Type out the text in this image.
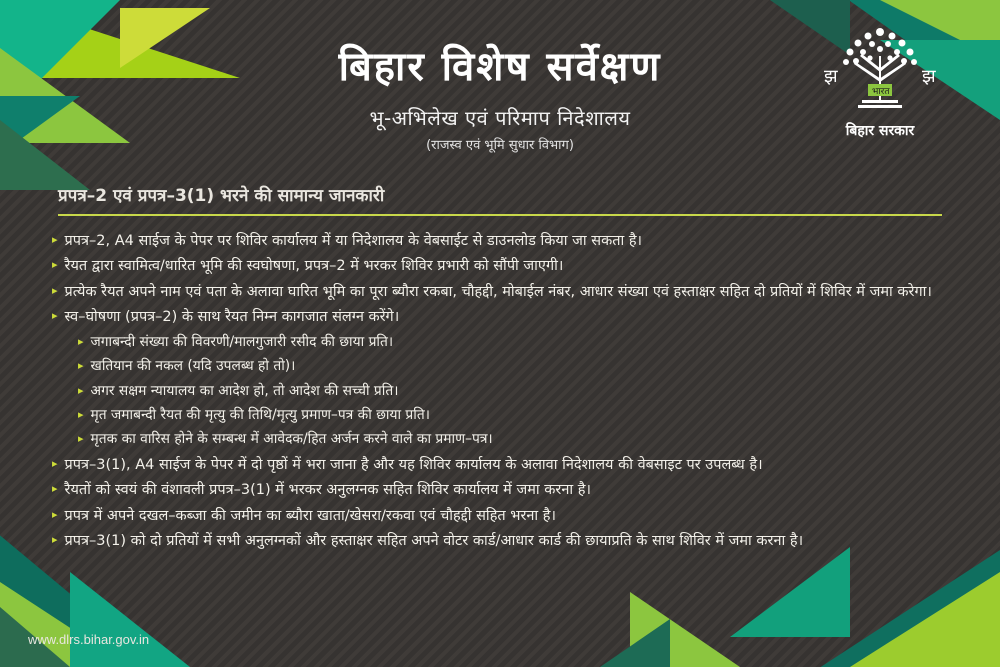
झ	झ
भारत
बिहार सरकार
बिहार विशेष सर्वेक्षण
भू-अभिलेख एवं परिमाप निदेशालय
(राजस्व एवं भूमि सुधार विभाग)
प्रपत्र–2 एवं प्रपत्र–3(1) भरने की सामान्य जानकारी
▸ प्रपत्र–2, A4 साईज के पेपर पर शिविर कार्यालय में या निदेशालय के वेबसाईट से डाउनलोड किया जा सकता है।
▸ रैयत द्वारा स्वामित्व/धारित भूमि की स्वघोषणा, प्रपत्र–2 में भरकर शिविर प्रभारी को सौंपी जाएगी।
▸ प्रत्येक रैयत अपने नाम एवं पता के अलावा घारित भूमि का पूरा ब्यौरा रकबा, चौहद्दी, मोबाईल नंबर, आधार संख्या एवं हस्ताक्षर सहित दो प्रतियों में शिविर में जमा करेगा।
▸ स्व–घोषणा (प्रपत्र–2) के साथ रैयत निम्न कागजात संलग्न करेंगे।
▸ जगाबन्दी संख्या की विवरणी/मालगुजारी रसीद की छाया प्रति।
▸ खतियान की नकल (यदि उपलब्ध हो तो)।
▸ अगर सक्षम न्यायालय का आदेश हो, तो आदेश की सच्ची प्रति।
▸ मृत जमाबन्दी रैयत की मृत्यु की तिथि/मृत्यु प्रमाण–पत्र की छाया प्रति।
▸ मृतक का वारिस होने के सम्बन्ध में आवेदक/हित अर्जन करने वाले का प्रमाण–पत्र।
▸ प्रपत्र–3(1), A4 साईज के पेपर में दो पृष्ठों में भरा जाना है और यह शिविर कार्यालय के अलावा निदेशालय की वेबसाइट पर उपलब्ध है।
▸ रैयतों को स्वयं की वंशावली प्रपत्र–3(1) में भरकर अनुलग्नक सहित शिविर कार्यालय में जमा करना है।
▸ प्रपत्र में अपने दखल–कब्जा की जमीन का ब्यौरा खाता/खेसरा/रकवा एवं चौहद्दी सहित भरना है।
▸ प्रपत्र–3(1) को दो प्रतियों में सभी अनुलग्नकों और हस्ताक्षर सहित अपने वोटर कार्ड/आधार कार्ड की छायाप्रति के साथ शिविर में जमा करना है।
www.dlrs.bihar.gov.in
